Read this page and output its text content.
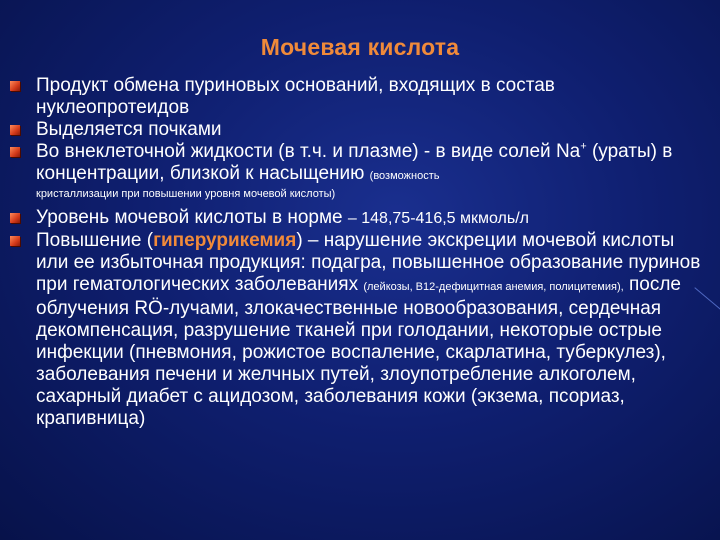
Мочевая кислота
Продукт обмена пуриновых оснований, входящих в состав нуклеопротеидов
Выделяется почками
Во внеклеточной жидкости (в т.ч. и плазме) - в виде солей Na+ (ураты) в концентрации, близкой к насыщению (возможность
кристаллизации при повышении уровня мочевой кислоты)
Уровень мочевой кислоты в норме – 148,75-416,5 мкмоль/л
Повышение (гиперурикемия) – нарушение экскреции мочевой кислоты или ее избыточная продукция: подагра, повышенное образование пуринов при гематологических заболеваниях (лейкозы, В12-дефицитная анемия, полицитемия), после облучения RÖ-лучами, злокачественные новообразования, сердечная декомпенсация, разрушение тканей при голодании, некоторые острые инфекции (пневмония, рожистое воспаление, скарлатина, туберкулез), заболевания печени и желчных путей, злоупотребление алкоголем, сахарный диабет с ацидозом, заболевания кожи (экзема, псориаз, крапивница)
